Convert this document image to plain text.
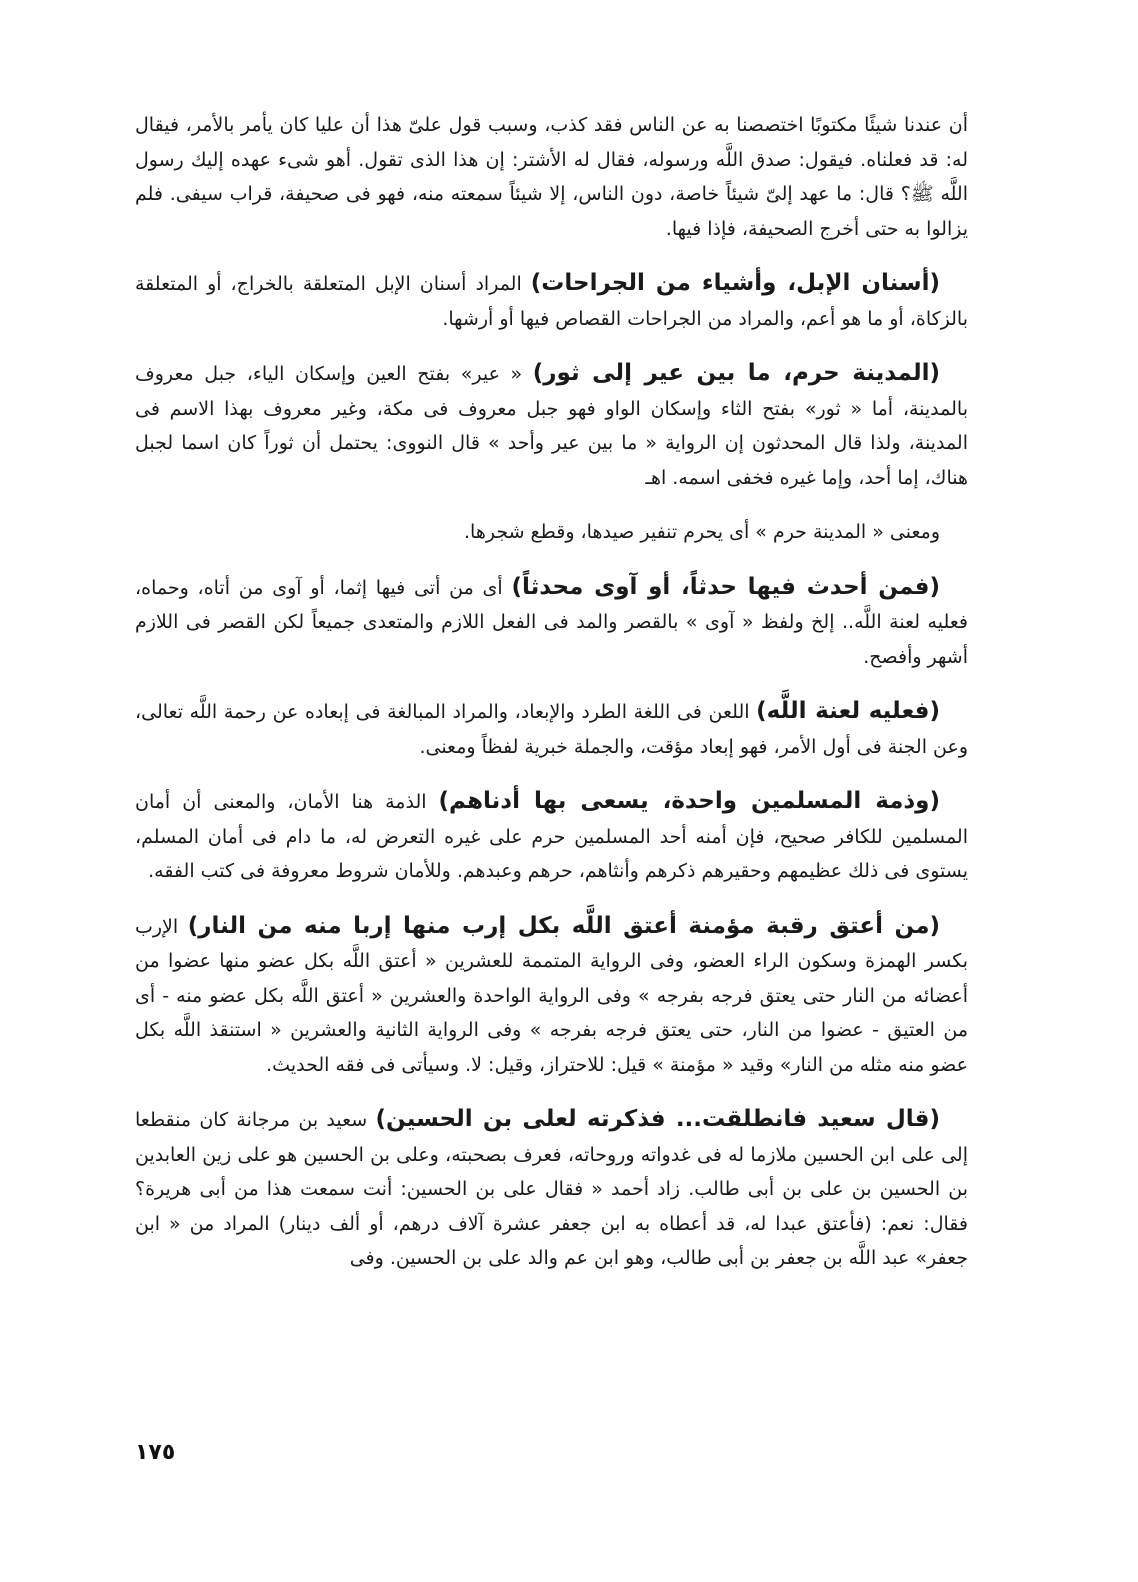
أن عندنا شيئًا مكتوبًا اختصصنا به عن الناس فقد كذب، وسبب قول علىّ هذا أن عليا كان يأمر بالأمر، فيقال له: قد فعلناه. فيقول: صدق اللَّه ورسوله، فقال له الأشتر: إن هذا الذى تقول. أهو شىء عهده إليك رسول اللَّه ﷺ؟ قال: ما عهد إلىّ شيئاً خاصة، دون الناس، إلا شيئاً سمعته منه، فهو فى صحيفة، قراب سيفى. فلم يزالوا به حتى أخرج الصحيفة، فإذا فيها.

(أسنان الإبل، وأشياء من الجراحات) المراد أسنان الإبل المتعلقة بالخراج، أو المتعلقة بالزكاة، أو ما هو أعم، والمراد من الجراحات القصاص فيها أو أرشها.

(المدينة حرم، ما بين عير إلى ثور) « عير» بفتح العين وإسكان الياء، جبل معروف بالمدينة، أما « ثور» بفتح الثاء وإسكان الواو فهو جبل معروف فى مكة، وغير معروف بهذا الاسم فى المدينة، ولذا قال المحدثون إن الرواية « ما بين عير وأحد » قال النووى: يحتمل أن ثوراً كان اسما لجبل هناك، إما أحد، وإما غيره فخفى اسمه. اهـ

ومعنى « المدينة حرم » أى يحرم تنفير صيدها، وقطع شجرها.

(فمن أحدث فيها حدثاً، أو آوى محدثاً) أى من أتى فيها إثما، أو آوى من أتاه، وحماه، فعليه لعنة اللَّه.. إلخ ولفظ « آوى » بالقصر والمد فى الفعل اللازم والمتعدى جميعاً لكن القصر فى اللازم أشهر وأفصح.

(فعليه لعنة اللَّه) اللعن فى اللغة الطرد والإبعاد، والمراد المبالغة فى إبعاده عن رحمة اللَّه تعالى، وعن الجنة فى أول الأمر، فهو إبعاد مؤقت، والجملة خبرية لفظاً ومعنى.

(وذمة المسلمين واحدة، يسعى بها أدناهم) الذمة هنا الأمان، والمعنى أن أمان المسلمين للكافر صحيح، فإن أمنه أحد المسلمين حرم على غيره التعرض له، ما دام فى أمان المسلم، يستوى فى ذلك عظيمهم وحقيرهم ذكرهم وأنثاهم، حرهم وعبدهم. وللأمان شروط معروفة فى كتب الفقه.

(من أعتق رقبة مؤمنة أعتق اللَّه بكل إرب منها إربا منه من النار) الإرب بكسر الهمزة وسكون الراء العضو، وفى الرواية المتممة للعشرين « أعتق اللَّه بكل عضو منها عضوا من أعضائه من النار حتى يعتق فرجه بفرجه » وفى الرواية الواحدة والعشرين « أعتق اللَّه بكل عضو منه - أى من العتيق - عضوا من النار، حتى يعتق فرجه بفرجه » وفى الرواية الثانية والعشرين « استنقذ اللَّه بكل عضو منه مثله من النار» وقيد « مؤمنة » قيل: للاحتراز، وقيل: لا. وسيأتى فى فقه الحديث.

(قال سعيد فانطلقت... فذكرته لعلى بن الحسين) سعيد بن مرجانة كان منقطعا إلى على ابن الحسين ملازما له فى غدواته وروحاته، فعرف بصحبته، وعلى بن الحسين هو على زين العابدين بن الحسين بن على بن أبى طالب. زاد أحمد « فقال على بن الحسين: أنت سمعت هذا من أبى هريرة؟ فقال: نعم: (فأعتق عبدا له، قد أعطاه به ابن جعفر عشرة آلاف درهم، أو ألف دينار) المراد من « ابن جعفر» عبد اللَّه بن جعفر بن أبى طالب، وهو ابن عم والد على بن الحسين. وفى

١٧٥
